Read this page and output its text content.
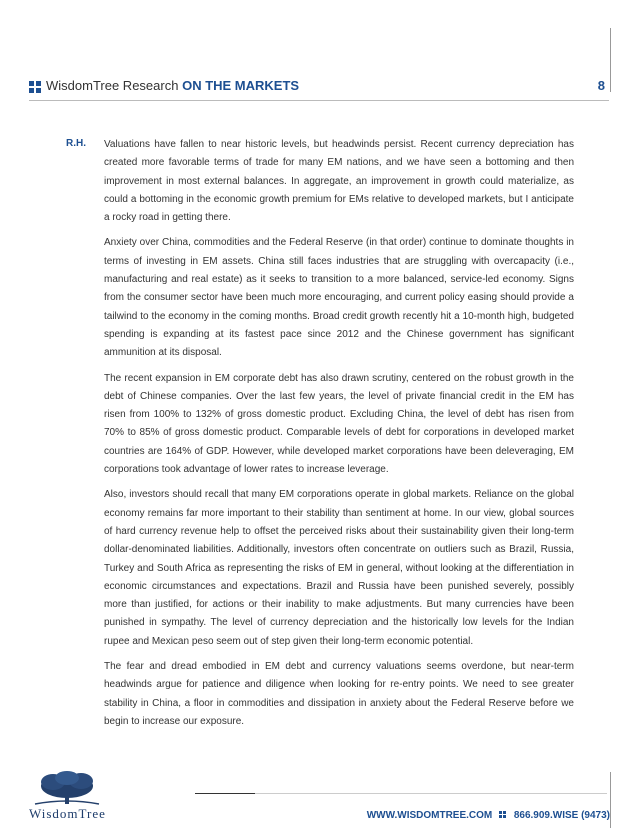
WisdomTree Research ON THE MARKETS	8
R.H. Valuations have fallen to near historic levels, but headwinds persist. Recent currency depreciation has created more favorable terms of trade for many EM nations, and we have seen a bottoming and then improvement in most external balances. In aggregate, an improvement in growth could materialize, as could a bottoming in the economic growth premium for EMs relative to developed markets, but I anticipate a rocky road in getting there.

Anxiety over China, commodities and the Federal Reserve (in that order) continue to dominate thoughts in terms of investing in EM assets. China still faces industries that are struggling with overcapacity (i.e., manufacturing and real estate) as it seeks to transition to a more balanced, service-led economy. Signs from the consumer sector have been much more encouraging, and current policy easing should provide a tailwind to the economy in the coming months. Broad credit growth recently hit a 10-month high, budgeted spending is expanding at its fastest pace since 2012 and the Chinese government has significant ammunition at its disposal.

The recent expansion in EM corporate debt has also drawn scrutiny, centered on the robust growth in the debt of Chinese companies. Over the last few years, the level of private financial credit in the EM has risen from 100% to 132% of gross domestic product. Excluding China, the level of debt has risen from 70% to 85% of gross domestic product. Comparable levels of debt for corporations in developed market countries are 164% of GDP. However, while developed market corporations have been deleveraging, EM corporations took advantage of lower rates to increase leverage.

Also, investors should recall that many EM corporations operate in global markets. Reliance on the global economy remains far more important to their stability than sentiment at home. In our view, global sources of hard currency revenue help to offset the perceived risks about their sustainability given their long-term dollar-denominated liabilities. Additionally, investors often concentrate on outliers such as Brazil, Russia, Turkey and South Africa as representing the risks of EM in general, without looking at the differentiation in economic circumstances and expectations. Brazil and Russia have been punished severely, possibly more than justified, for actions or their inability to make adjustments. But many currencies have been punished in sympathy. The level of currency depreciation and the historically low levels for the Indian rupee and Mexican peso seem out of step given their long-term economic potential.

The fear and dread embodied in EM debt and currency valuations seems overdone, but near-term headwinds argue for patience and diligence when looking for re-entry points. We need to see greater stability in China, a floor in commodities and dissipation in anxiety about the Federal Reserve before we begin to increase our exposure.

WisdomTree	WWW.WISDOMTREE.COM 866.909.WISE (9473)
